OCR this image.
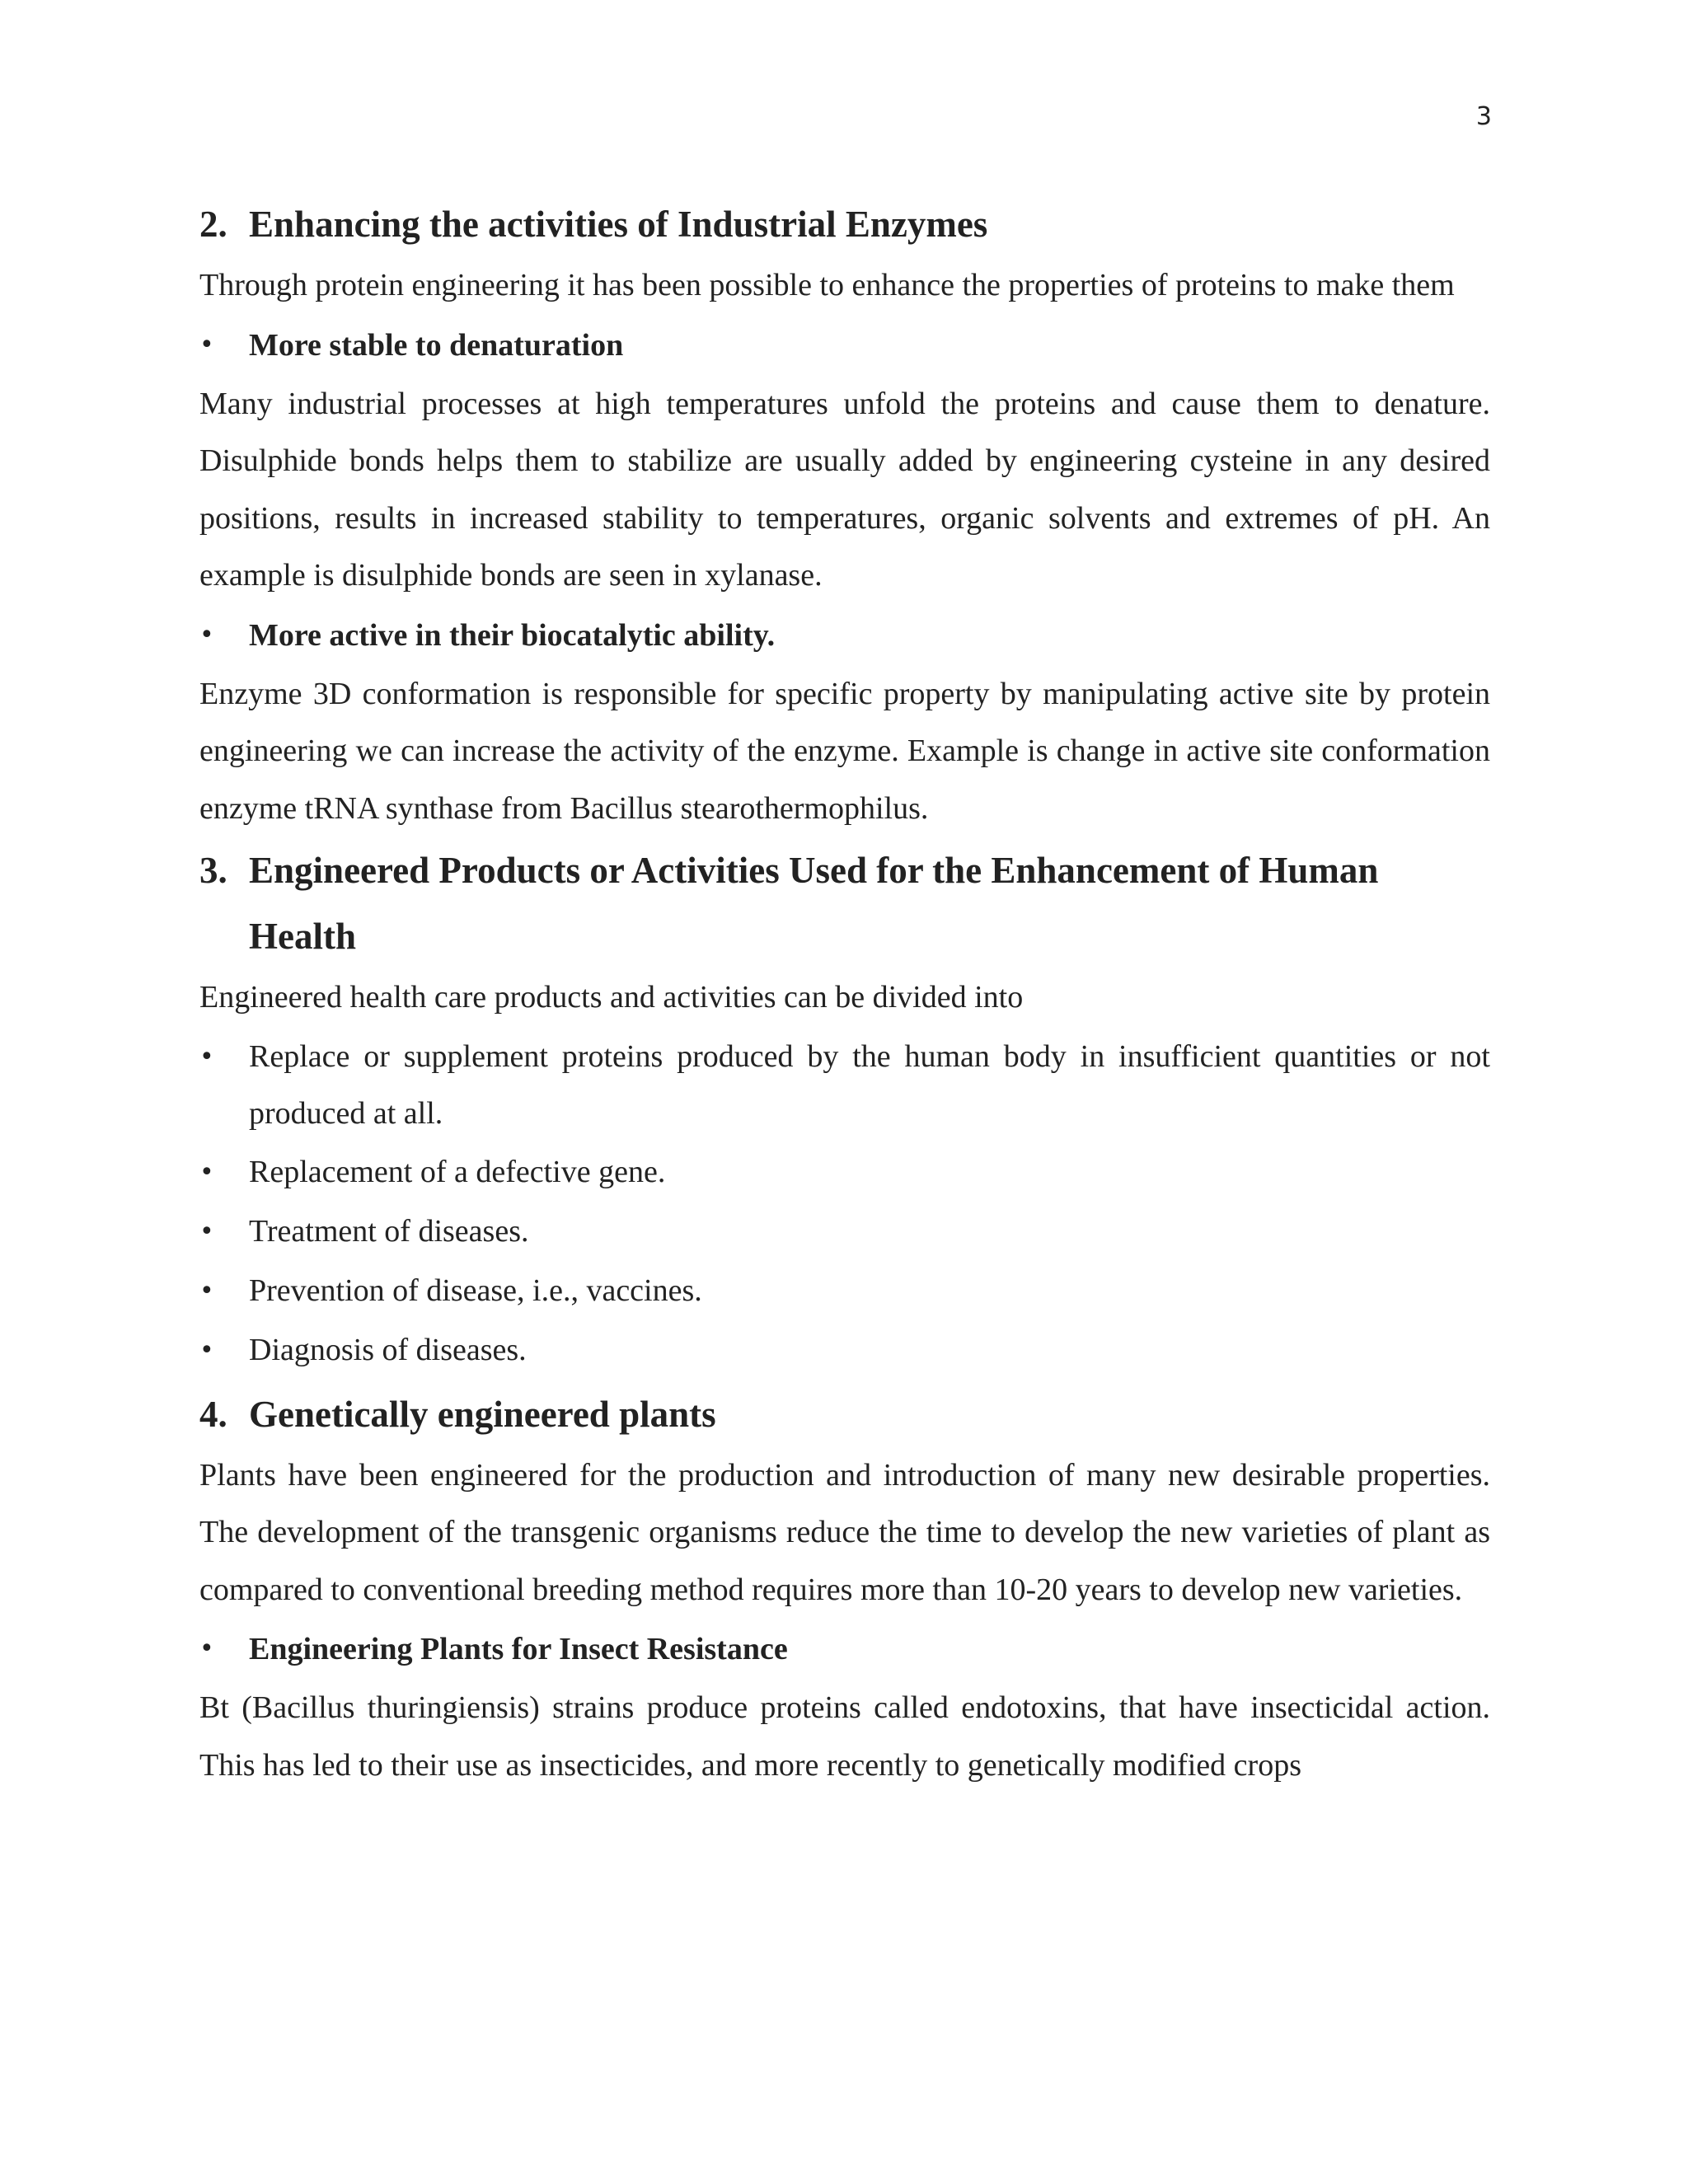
3
2. Enhancing the activities of Industrial Enzymes

Through protein engineering it has been possible to enhance the properties of proteins to make them

•	More stable to denaturation

Many industrial processes at high temperatures unfold the proteins and cause them to denature. Disulphide bonds helps them to stabilize are usually added by engineering cysteine in any desired positions, results in increased stability to temperatures, organic solvents and extremes of pH. An example is disulphide bonds are seen in xylanase.

•	More active in their biocatalytic ability.

Enzyme 3D conformation is responsible for specific property by manipulating active site by protein engineering we can increase the activity of the enzyme. Example is change in active site conformation enzyme tRNA synthase from Bacillus stearothermophilus.

3. Engineered Products or Activities Used for the Enhancement of Human Health

Engineered health care products and activities can be divided into

•	Replace or supplement proteins produced by the human body in insufficient quantities or not produced at all.
•	Replacement of a defective gene.
•	Treatment of diseases.
•	Prevention of disease, i.e., vaccines.
•	Diagnosis of diseases.
4. Genetically engineered plants

Plants have been engineered for the production and introduction of many new desirable properties. The development of the transgenic organisms reduce the time to develop the new varieties of plant as compared to conventional breeding method requires more than 10-20 years to develop new varieties.

•	Engineering Plants for Insect Resistance

Bt (Bacillus thuringiensis) strains produce proteins called endotoxins, that have insecticidal action. This has led to their use as insecticides, and more recently to genetically modified crops
